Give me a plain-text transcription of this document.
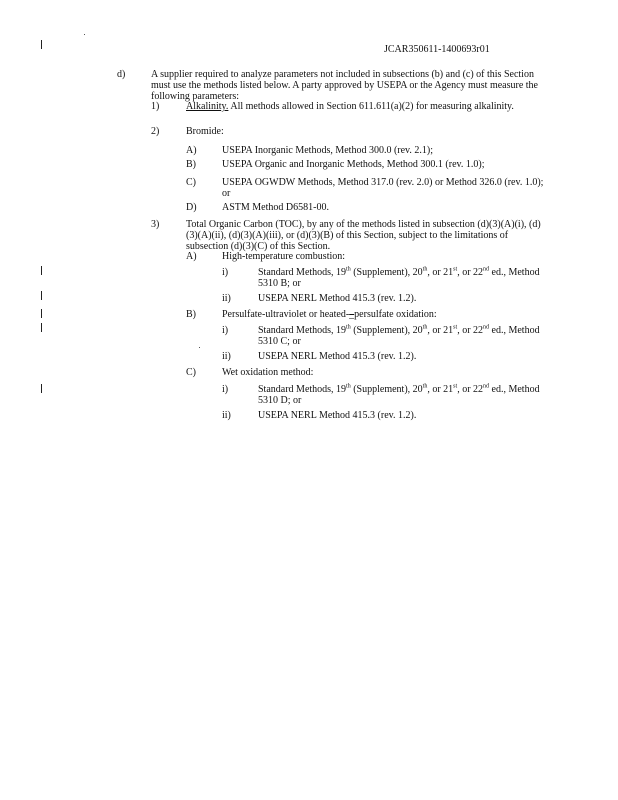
JCAR350611-1400693r01
d)	A supplier required to analyze parameters not included in subsections (b) and (c) of this Section must use the methods listed below. A party approved by USEPA or the Agency must measure the following parameters:
1)	Alkalinity. All methods allowed in Section 611.611(a)(2) for measuring alkalinity.
2)	Bromide:
A)	USEPA Inorganic Methods, Method 300.0 (rev. 2.1);
B)	USEPA Organic and Inorganic Methods, Method 300.1 (rev. 1.0);
C)	USEPA OGWDW Methods, Method 317.0 (rev. 2.0) or Method 326.0 (rev. 1.0); or
D)	ASTM Method D6581-00.
3)	Total Organic Carbon (TOC), by any of the methods listed in subsection (d)(3)(A)(i), (d)(3)(A)(ii), (d)(3)(A)(iii), or (d)(3)(B) of this Section, subject to the limitations of subsection (d)(3)(C) of this Section.
A)	High-temperature combustion:
i)	Standard Methods, 19th (Supplement), 20th, or 21st, or 22nd ed., Method 5310 B; or
ii)	USEPA NERL Method 415.3 (rev. 1.2).
B)	Persulfate-ultraviolet or heated-_persulfate oxidation:
i)	Standard Methods, 19th (Supplement), 20th, or 21st, or 22nd ed., Method 5310 C; or
ii)	USEPA NERL Method 415.3 (rev. 1.2).
C)	Wet oxidation method:
i)	Standard Methods, 19th (Supplement), 20th, or 21st, or 22nd ed., Method 5310 D; or
ii)	USEPA NERL Method 415.3 (rev. 1.2).
